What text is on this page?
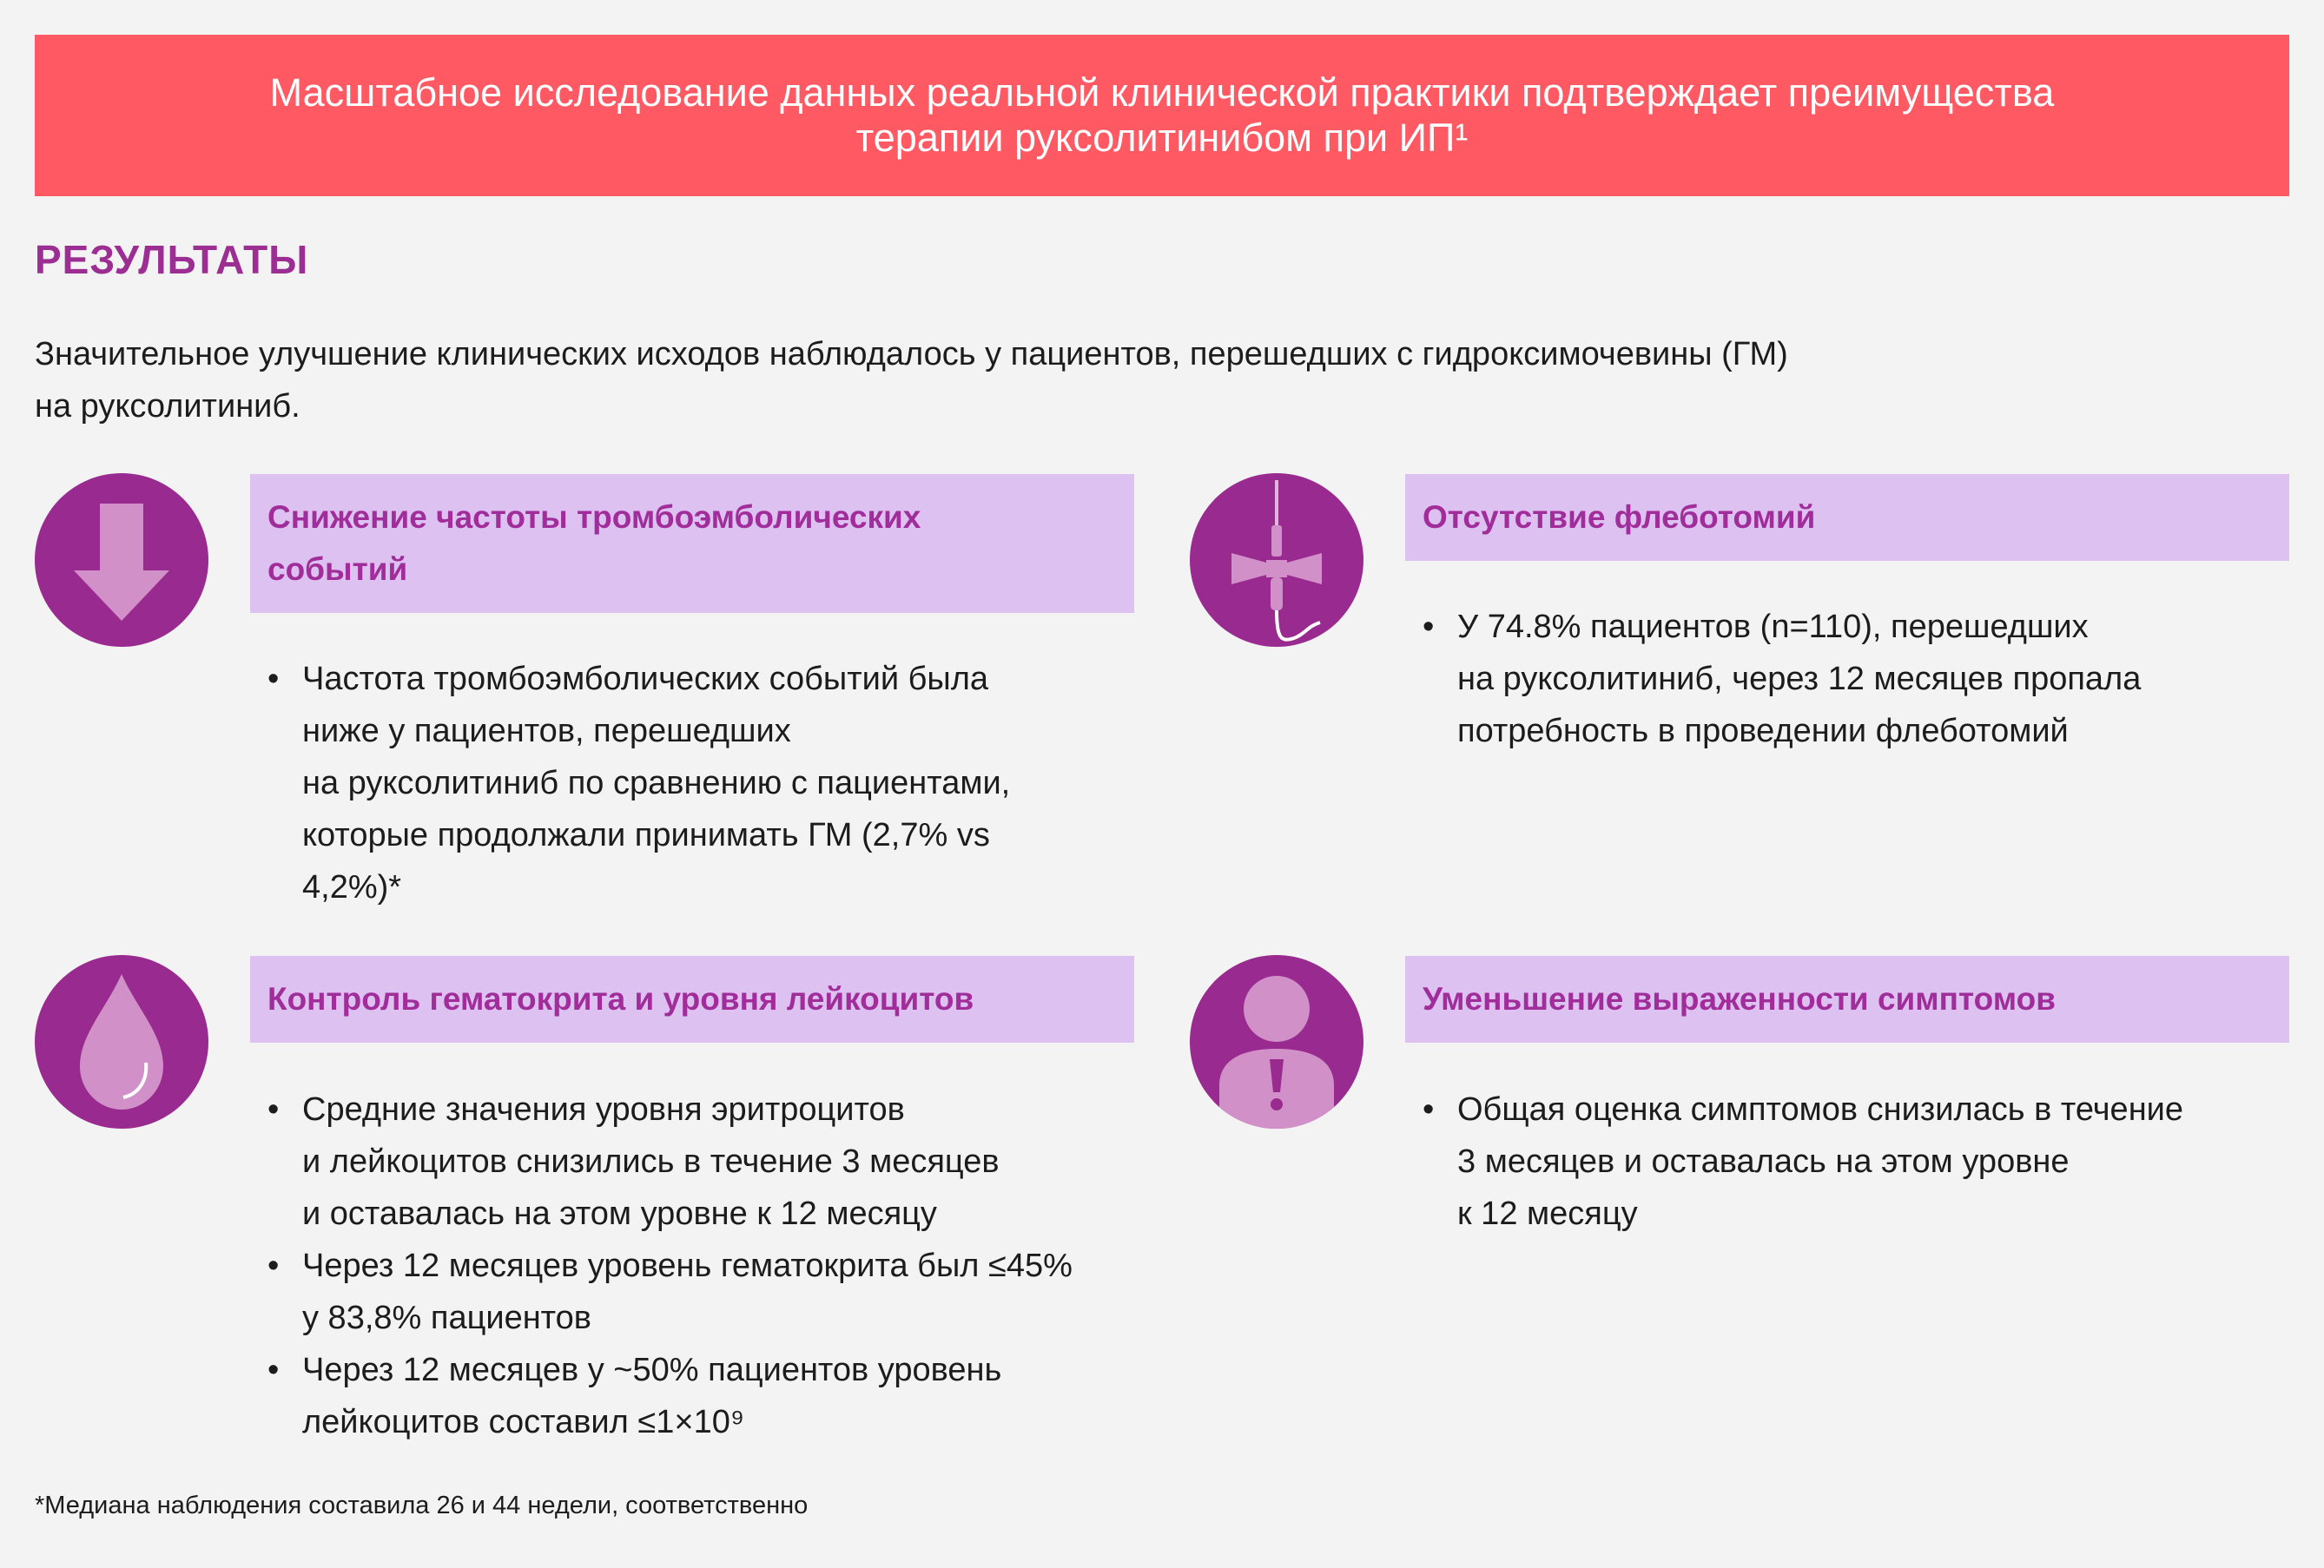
Масштабное исследование данных реальной клинической практики подтверждает преимущества
терапии руксолитинибом при ИП¹
РЕЗУЛЬТАТЫ
Значительное улучшение клинических исходов наблюдалось у пациентов, перешедших с гидроксимочевины (ГМ)
на руксолитиниб.
Снижение частоты тромбоэмболических
событий
• Частота тромбоэмболических событий была
ниже у пациентов, перешедших
на руксолитиниб по сравнению с пациентами,
которые продолжали принимать ГМ (2,7% vs
4,2%)*
Отсутствие флеботомий
• У 74.8% пациентов (n=110), перешедших
на руксолитиниб, через 12 месяцев пропала
потребность в проведении флеботомий
Контроль гематокрита и уровня лейкоцитов
• Средние значения уровня эритроцитов
и лейкоцитов снизились в течение 3 месяцев
и оставалась на этом уровне к 12 месяцу
• Через 12 месяцев уровень гематокрита был ≤45%
у 83,8% пациентов
• Через 12 месяцев у ~50% пациентов уровень
лейкоцитов составил ≤1×10⁹
Уменьшение выраженности симптомов
• Общая оценка симптомов снизилась в течение
3 месяцев и оставалась на этом уровне
к 12 месяцу
*Медиана наблюдения составила 26 и 44 недели, соответственно
